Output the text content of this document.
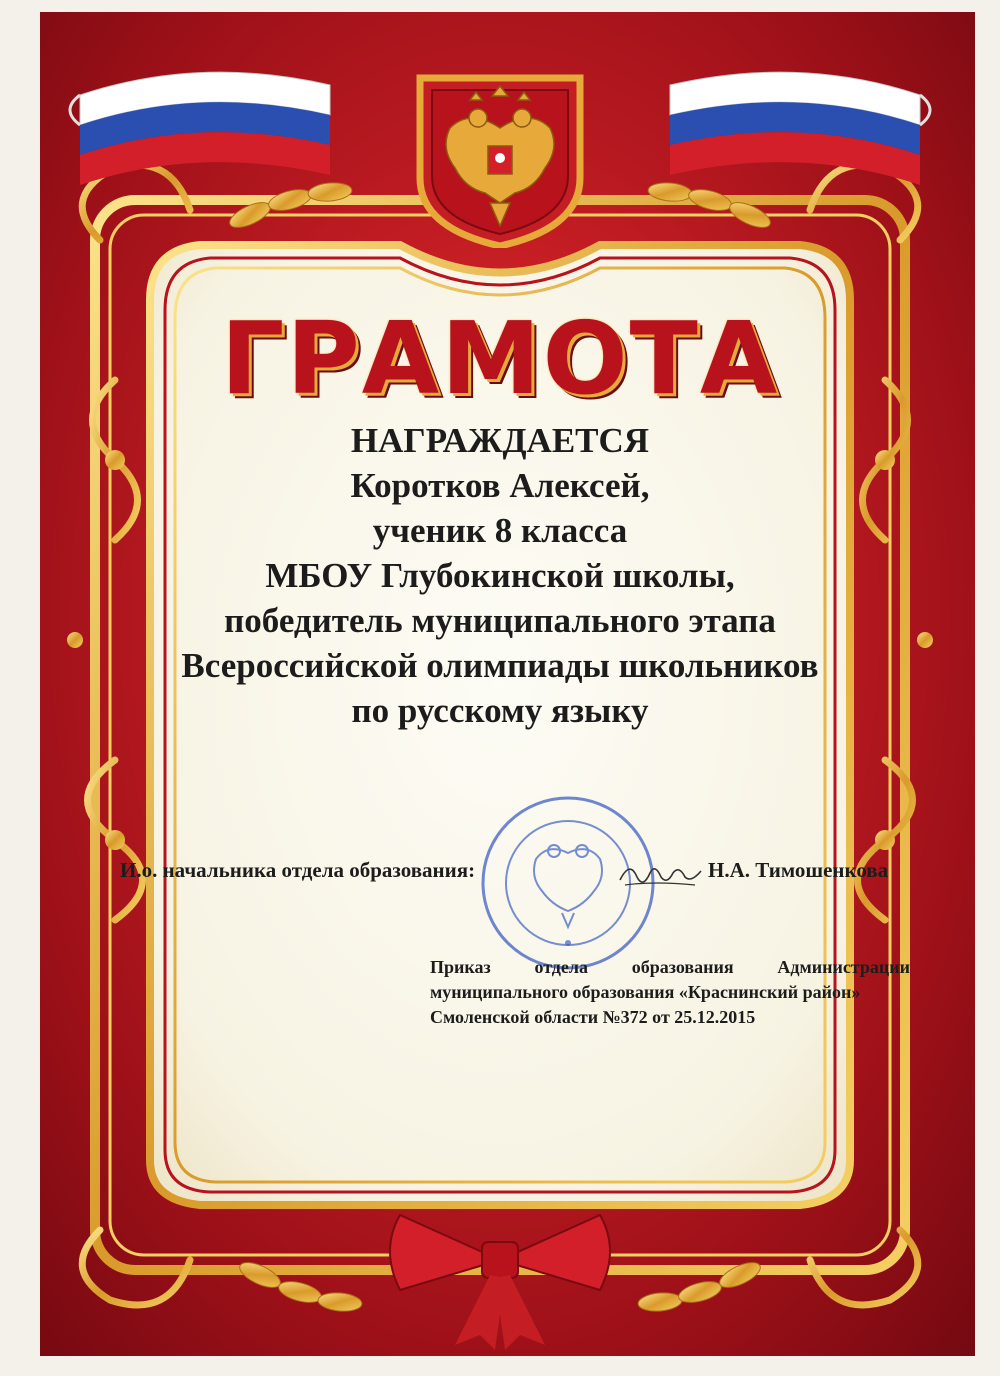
ГРАМОТА
НАГРАЖДАЕТСЯ
Коротков Алексей,
ученик 8 класса
МБОУ Глубокинской школы,
победитель муниципального этапа
Всероссийской олимпиады школьников
по русскому языку
И.о. начальника отдела образования:	Н.А. Тимошенкова
Приказ отдела образования Администрации
муниципального образования «Краснинский район»
Смоленской области №372 от 25.12.2015
